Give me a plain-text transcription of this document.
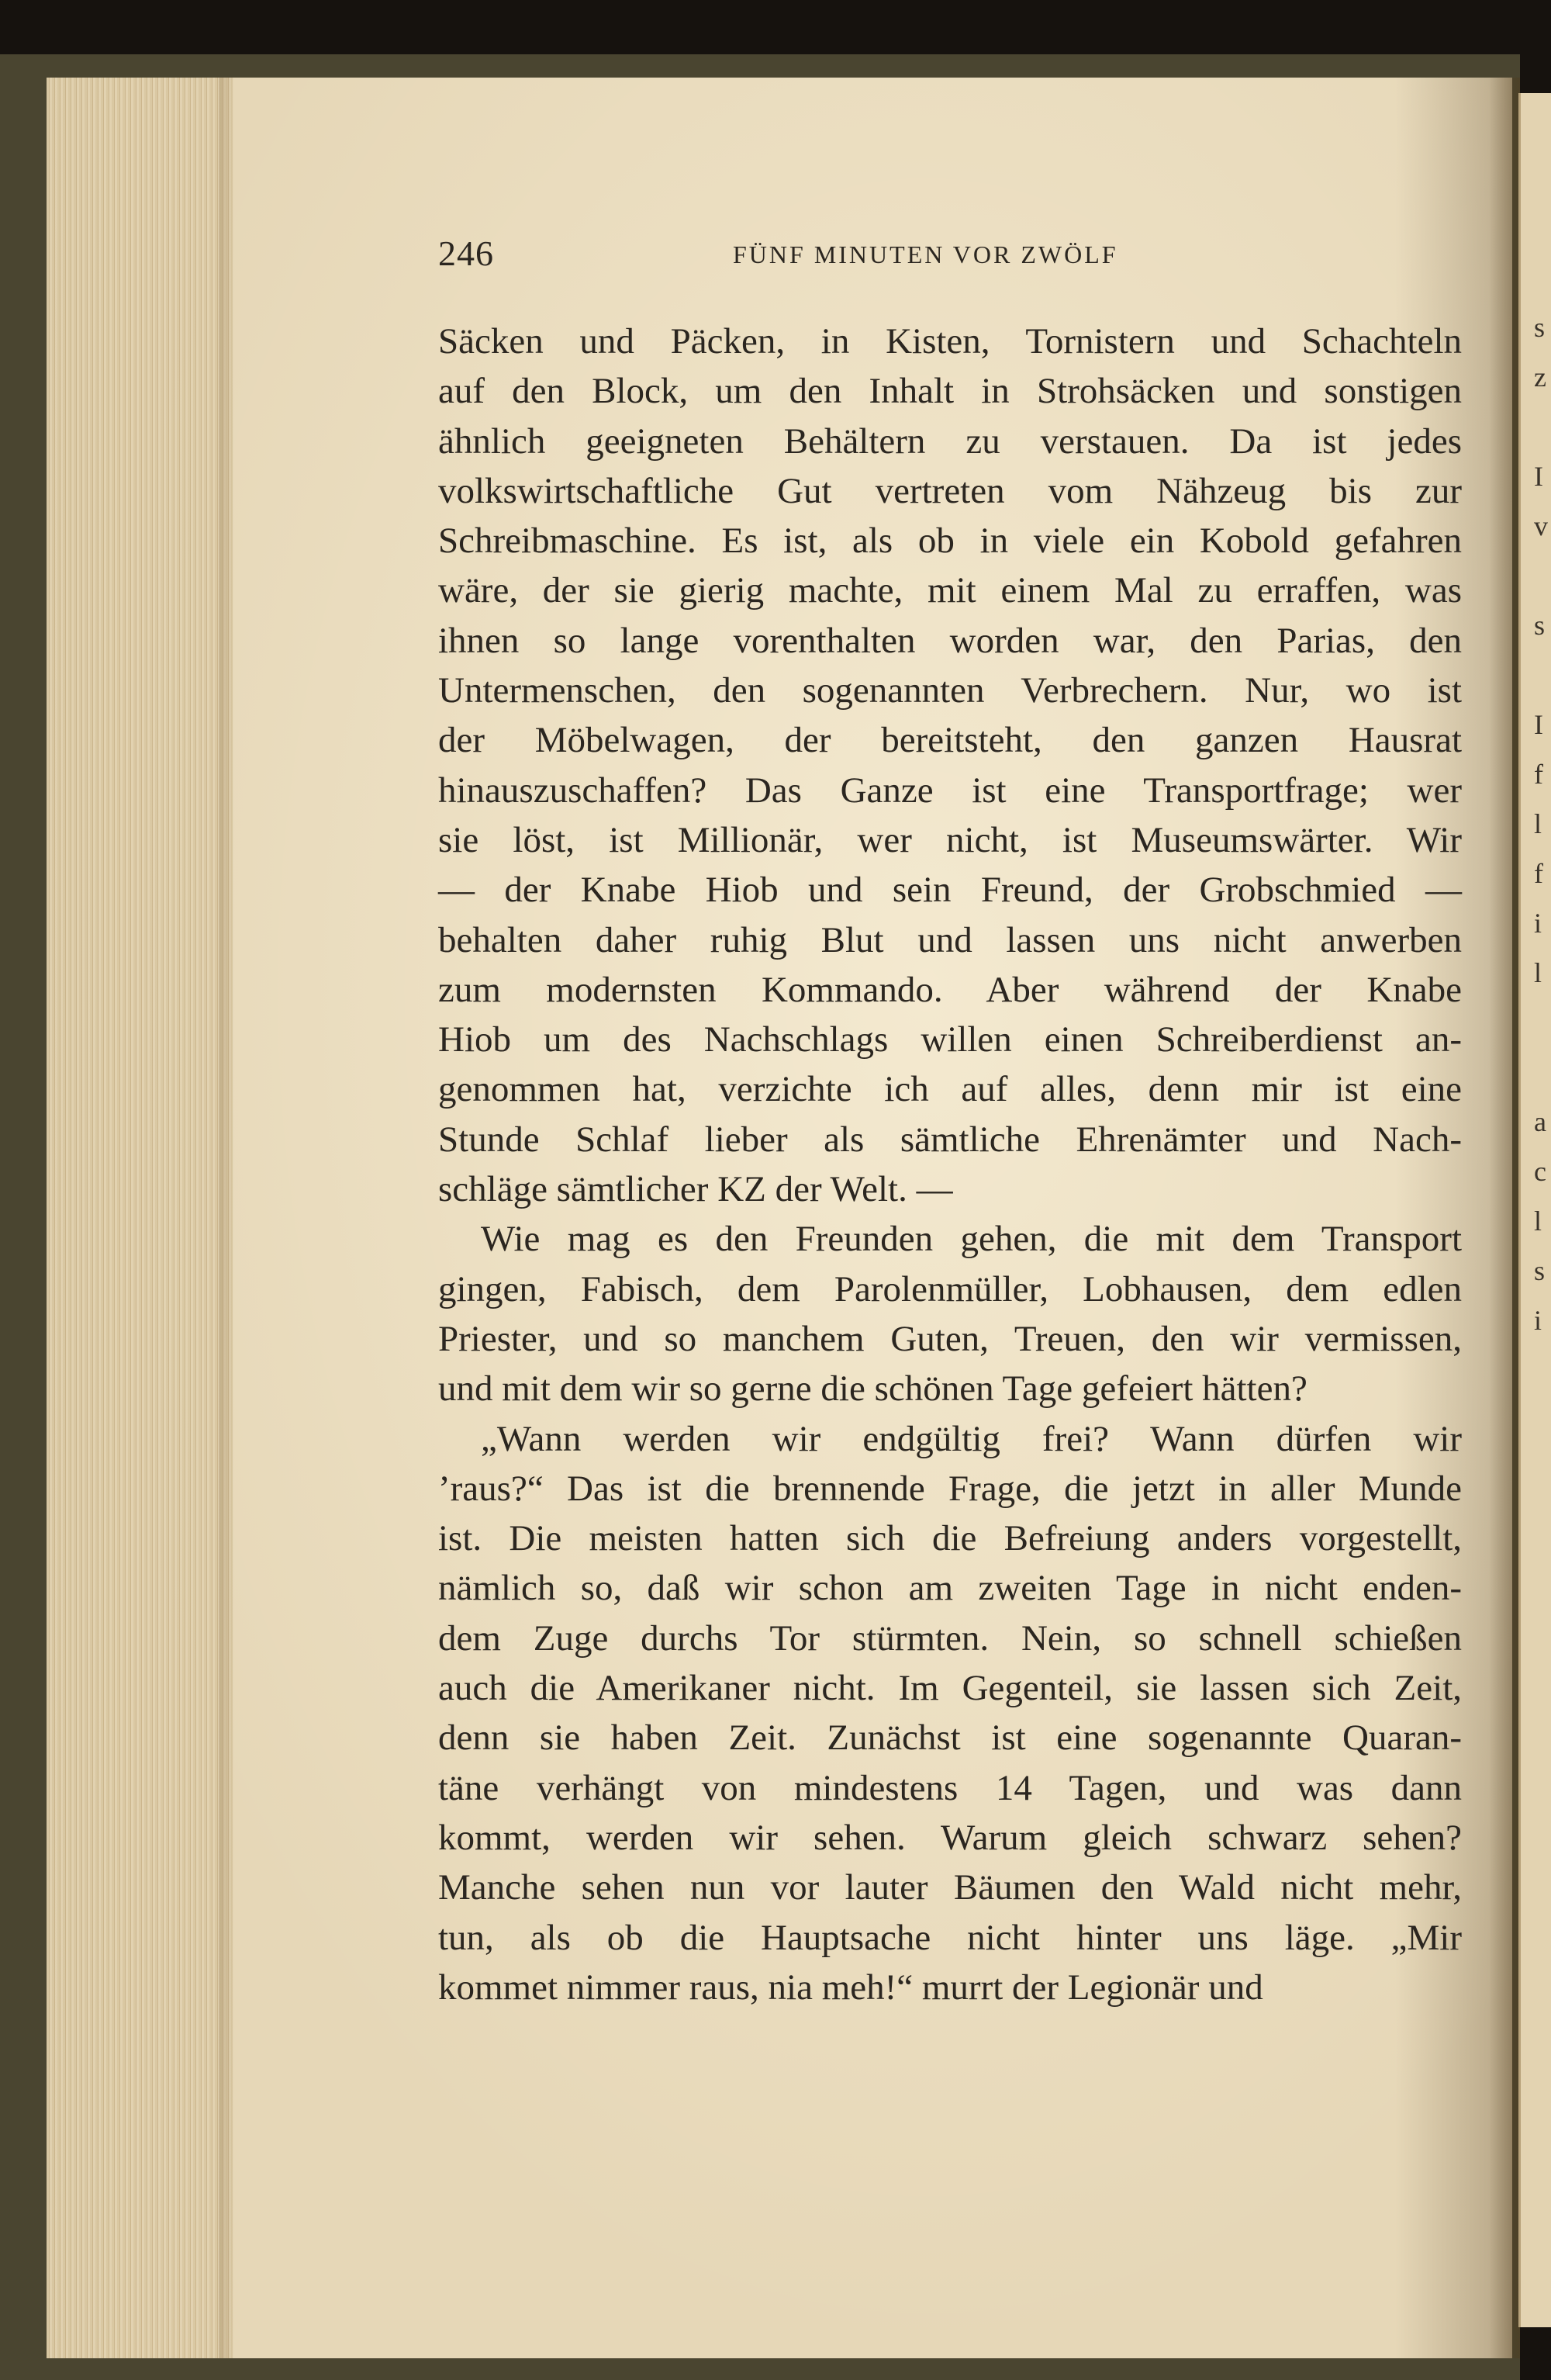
s
z
I
v
s
I
f
l
f
i
l
a
c
l
s
i
246	FÜNF MINUTEN VOR ZWÖLF

Säcken und Päcken, in Kisten, Tornistern und Schachteln
auf den Block, um den Inhalt in Strohsäcken und sonstigen
ähnlich geeigneten Behältern zu verstauen. Da ist jedes
volkswirtschaftliche Gut vertreten vom Nähzeug bis zur
Schreibmaschine. Es ist, als ob in viele ein Kobold gefahren
wäre, der sie gierig machte, mit einem Mal zu erraffen, was
ihnen so lange vorenthalten worden war, den Parias, den
Untermenschen, den sogenannten Verbrechern. Nur, wo ist
der Möbelwagen, der bereitsteht, den ganzen Hausrat
hinauszuschaffen? Das Ganze ist eine Transportfrage; wer
sie löst, ist Millionär, wer nicht, ist Museumswärter. Wir
— der Knabe Hiob und sein Freund, der Grobschmied —
behalten daher ruhig Blut und lassen uns nicht anwerben
zum modernsten Kommando. Aber während der Knabe
Hiob um des Nachschlags willen einen Schreiberdienst an-
genommen hat, verzichte ich auf alles, denn mir ist eine
Stunde Schlaf lieber als sämtliche Ehrenämter und Nach-
schläge sämtlicher KZ der Welt. —

Wie mag es den Freunden gehen, die mit dem Transport
gingen, Fabisch, dem Parolenmüller, Lobhausen, dem edlen
Priester, und so manchem Guten, Treuen, den wir vermissen,
und mit dem wir so gerne die schönen Tage gefeiert hätten?

„Wann werden wir endgültig frei? Wann dürfen wir
’raus?“ Das ist die brennende Frage, die jetzt in aller Munde
ist. Die meisten hatten sich die Befreiung anders vorgestellt,
nämlich so, daß wir schon am zweiten Tage in nicht enden-
dem Zuge durchs Tor stürmten. Nein, so schnell schießen
auch die Amerikaner nicht. Im Gegenteil, sie lassen sich Zeit,
denn sie haben Zeit. Zunächst ist eine sogenannte Quaran-
täne verhängt von mindestens 14 Tagen, und was dann
kommt, werden wir sehen. Warum gleich schwarz sehen?
Manche sehen nun vor lauter Bäumen den Wald nicht mehr,
tun, als ob die Hauptsache nicht hinter uns läge. „Mir
kommet nimmer raus, nia meh!“ murrt der Legionär und
